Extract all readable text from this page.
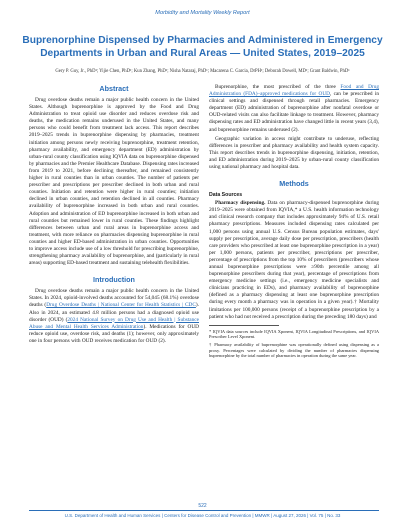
Morbidity and Mortality Weekly Report
Buprenorphine Dispensed by Pharmacies and Administered in Emergency Departments in Urban and Rural Areas — United States, 2019–2025

Gery P. Guy, Jr., PhD¹; Yijie Chen, PhD¹; Kun Zhang, PhD¹; Nisha Nataraj, PhD¹; Macarena C. Garcia, DrPH¹; Deborah Dowell, MD¹; Grant Baldwin, PhD¹

Abstract

Drug overdose deaths remain a major public health concern in the United States. Although buprenorphine is approved by the Food and Drug Administration to treat opioid use disorder and reduces overdose risk and deaths, the medication remains underused in the United States, and many persons who could benefit from treatment lack access. This report describes 2019–2025 trends in buprenorphine dispensing by pharmacies, treatment initiation among persons newly receiving buprenorphine, treatment retention, pharmacy availability, and emergency department (ED) administration by urban-rural county classification using IQVIA data on buprenorphine dispensed by pharmacies and the Premier Healthcare Database. Dispensing rates increased from 2019 to 2021, before declining thereafter, and remained consistently higher in rural counties than in urban counties. The number of patients per prescriber and prescriptions per prescriber declined in both urban and rural counties. Initiation and retention were higher in rural counties; initiation declined in urban counties, and retention declined in all counties. Pharmacy availability of buprenorphine increased in both urban and rural counties. Adoption and administration of ED buprenorphine increased in both urban and rural counties but remained lower in rural counties. These findings highlight differences between urban and rural areas in buprenorphine access and treatment, with more reliance on pharmacies dispensing buprenorphine in rural counties and higher ED-based administration in urban counties. Opportunities to improve access include use of a low threshold for prescribing buprenorphine, strengthening pharmacy availability of buprenorphine, and (particularly in rural areas) supporting ED-based treatment and sustaining telehealth flexibilities.

Introduction

Drug overdose deaths remain a major public health concern in the United States. In 2024, opioid-involved deaths accounted for 54,045 (68.1%) overdose deaths (Drug Overdose Deaths | National Center for Health Statistics | CDC). Also in 2024, an estimated 4.8 million persons had a diagnosed opioid use disorder (OUD) (2024 National Survey on Drug Use and Health | Substance Abuse and Mental Health Services Administration). Medications for OUD reduce opioid use, overdose risk, and deaths (1); however, only approximately one in four persons with OUD receives medication for OUD (2).

Buprenorphine, the most prescribed of the three Food and Drug Administration (FDA)–approved medications for OUD, can be prescribed in clinical settings and dispensed through retail pharmacies. Emergency department (ED) administration of buprenorphine after nonfatal overdose or OUD-related visits can also facilitate linkage to treatment. However, pharmacy dispensing rates and ED administration have changed little in recent years (3,4), and buprenorphine remains underused (2).

Geographic variation in access might contribute to underuse, reflecting differences in prescriber and pharmacy availability and health system capacity. This report describes trends in buprenorphine dispensing, initiation, retention, and ED administration during 2019–2025 by urban-rural county classification using national pharmacy and hospital data.

Methods
Data Sources

Pharmacy dispensing. Data on pharmacy-dispensed buprenorphine during 2019–2025 were obtained from IQVIA,* a U.S. health information technology and clinical research company that includes approximately 94% of U.S. retail pharmacy prescriptions. Measures included dispensing rates calculated per 1,000 persons using annual U.S. Census Bureau population estimates, days' supply per prescription, average daily dose per prescription, prescribers (health care providers who prescribed at least one buprenorphine prescription in a year) per 1,000 persons, patients per prescriber, prescriptions per prescriber, percentage of prescriptions from the top 10% of prescribers (prescribers whose annual buprenorphine prescriptions were ≥90th percentile among all buprenorphine prescribers during that year), percentage of prescriptions from emergency medicine settings (i.e., emergency medicine specialists and clinicians practicing in EDs), and pharmacy availability of buprenorphine (defined as a pharmacy dispensing at least one buprenorphine prescription during every month a pharmacy was in operation in a given year).† Mortality limitations per 100,000 persons (receipt of a buprenorphine prescription by a patient who had not received a prescription during the preceding 180 days) and

* IQVIA data sources include IQVIA Xponent, IQVIA Longitudinal Prescriptions, and IQVIA Prescriber Level Xponent.

† Pharmacy availability of buprenorphine was operationally defined using dispensing as a proxy. Percentages were calculated by dividing the number of pharmacies dispensing buprenorphine by the total number of pharmacies in operation during the same year.

522
U.S. Department of Health and Human Services | Centers for Disease Control and Prevention | MMWR | August 27, 2026 | Vol. 75 | No. 33
